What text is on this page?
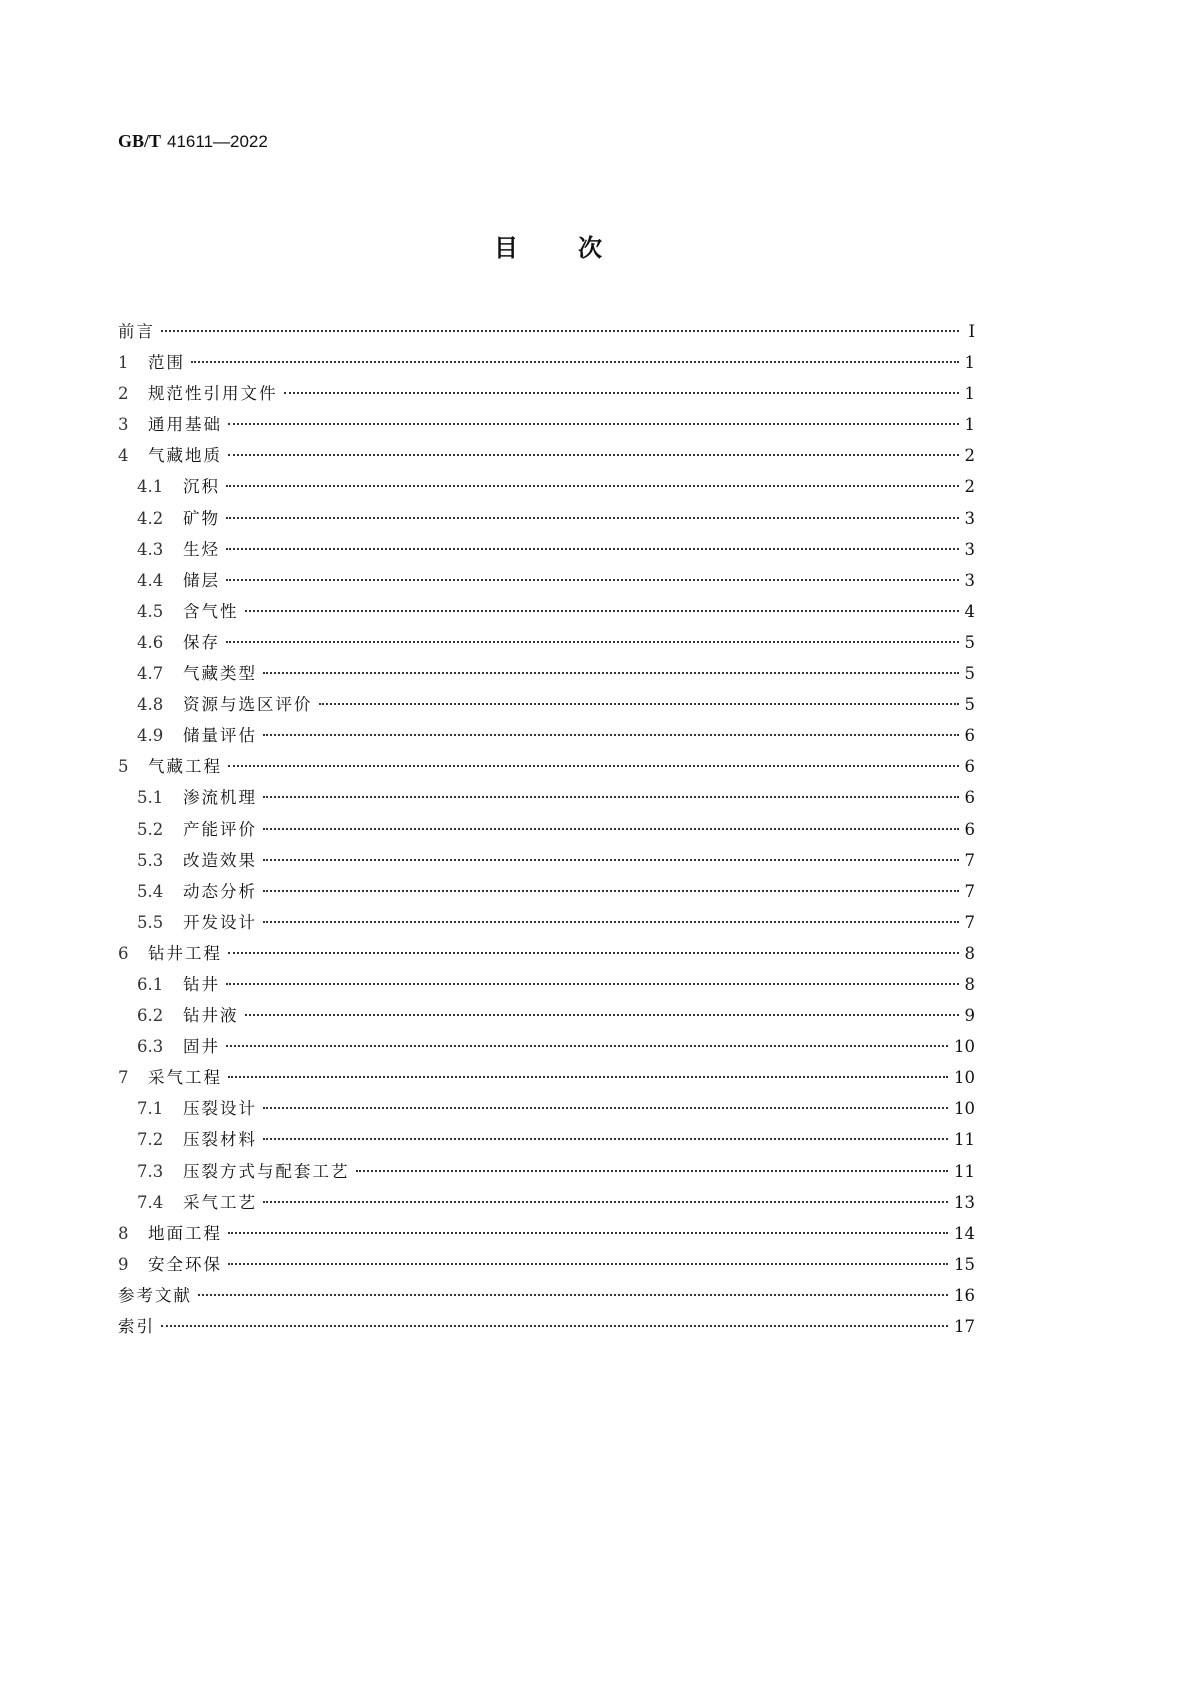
GB/T 41611—2022
目次
前言	Ⅰ
1	范围	1
2	规范性引用文件	1
3	通用基础	1
4	气藏地质	2
4.1	沉积	2
4.2	矿物	3
4.3	生烃	3
4.4	储层	3
4.5	含气性	4
4.6	保存	5
4.7	气藏类型	5
4.8	资源与选区评价	5
4.9	储量评估	6
5	气藏工程	6
5.1	渗流机理	6
5.2	产能评价	6
5.3	改造效果	7
5.4	动态分析	7
5.5	开发设计	7
6	钻井工程	8
6.1	钻井	8
6.2	钻井液	9
6.3	固井	10
7	采气工程	10
7.1	压裂设计	10
7.2	压裂材料	11
7.3	压裂方式与配套工艺	11
7.4	采气工艺	13
8	地面工程	14
9	安全环保	15
参考文献	16
索引	17
